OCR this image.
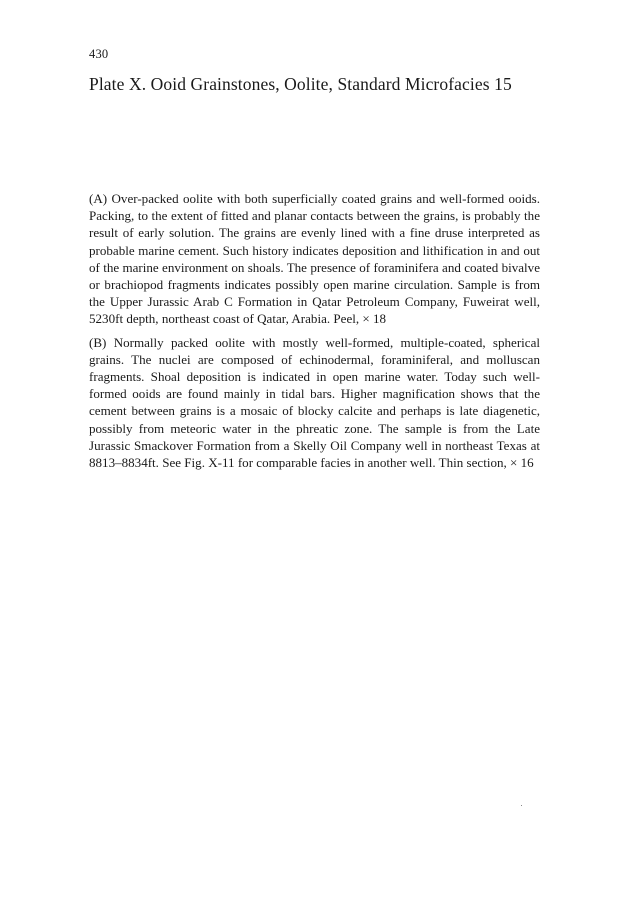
430
Plate X. Ooid Grainstones, Oolite, Standard Microfacies 15

(A) Over-packed oolite with both superficially coated grains and well-formed ooids. Packing, to the extent of fitted and planar contacts between the grains, is probably the result of early solution. The grains are evenly lined with a fine druse interpreted as probable marine cement. Such history indicates deposition and lithification in and out of the marine environment on shoals. The presence of foraminifera and coated bivalve or brachiopod fragments indicates possibly open marine circulation. Sample is from the Upper Jurassic Arab C Formation in Qatar Petroleum Company, Fuweirat well, 5230ft depth, northeast coast of Qatar, Arabia. Peel, × 18

(B) Normally packed oolite with mostly well-formed, multiple-coated, spherical grains. The nuclei are composed of echinodermal, foraminiferal, and molluscan fragments. Shoal deposition is indicated in open marine water. Today such well-formed ooids are found mainly in tidal bars. Higher magnification shows that the cement between grains is a mosaic of blocky calcite and perhaps is late diagenetic, possibly from meteoric water in the phreatic zone. The sample is from the Late Jurassic Smackover Formation from a Skelly Oil Company well in northeast Texas at 8813–8834ft. See Fig. X-11 for comparable facies in another well. Thin section, × 16
